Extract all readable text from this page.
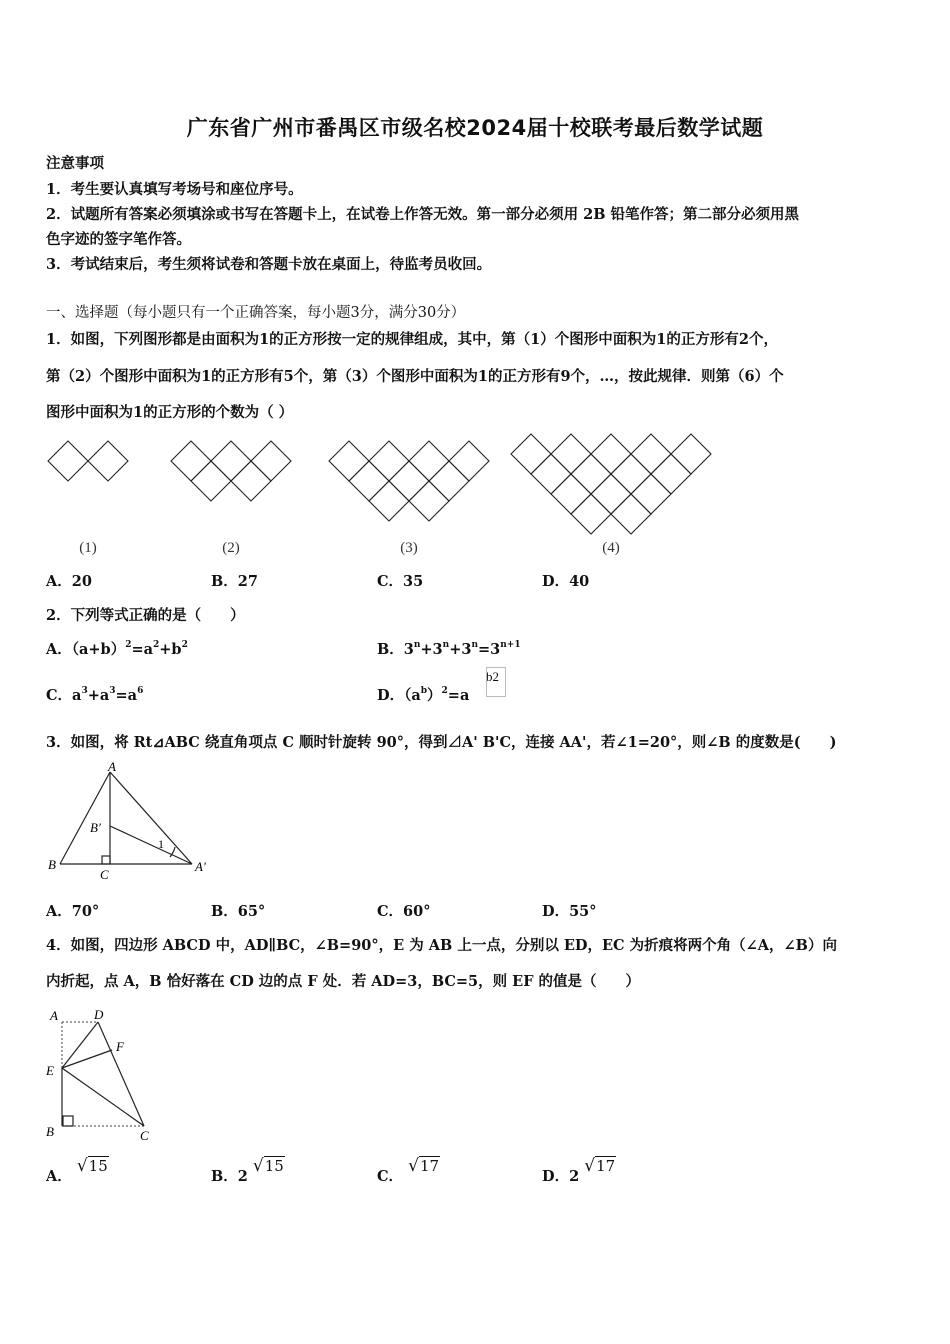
广东省广州市番禺区市级名校2024届十校联考最后数学试题
注意事项
1．考生要认真填写考场号和座位序号。
2．试题所有答案必须填涂或书写在答题卡上，在试卷上作答无效。第一部分必须用 2B 铅笔作答；第二部分必须用黑
色字迹的签字笔作答。
3．考试结束后，考生须将试卷和答题卡放在桌面上，待监考员收回。
一、选择题（每小题只有一个正确答案，每小题3分，满分30分）
1．如图，下列图形都是由面积为1的正方形按一定的规律组成，其中，第（1）个图形中面积为1的正方形有2个，
第（2）个图形中面积为1的正方形有5个，第（3）个图形中面积为1的正方形有9个，…，按此规律．则第（6）个
图形中面积为1的正方形的个数为（ ）
(1)	(2)	(3)	(4)
A．20	B．27	C．35	D．40
2．下列等式正确的是（　　）
A．$(a+b)^2=a^2+b^2$	B．$3^n+3^n+3^n=3^{n+1}$
C．$a^3+a^3=a^6$	D．$(a^b)^2=a$
b2
3．如图，将 Rt⊿ABC 绕直角项点 C 顺时针旋转 90°，得到⊿A' B'C，连接 AA'，若∠1=20°，则∠B 的度数是(　　)
A
B
C
B'
A'
1
A．70°	B．65°	C．60°	D．55°
4．如图，四边形 ABCD 中，AD∥BC，∠B=90°，E 为 AB 上一点，分别以 ED，EC 为折痕将两个角（∠A，∠B）向
内折起，点 A，B 恰好落在 CD 边的点 F 处．若 AD=3，BC=5，则 EF 的值是（　　）
A	D
F
E
B	C
A． √15
B．2 √15
C． √17
D．2 √17
